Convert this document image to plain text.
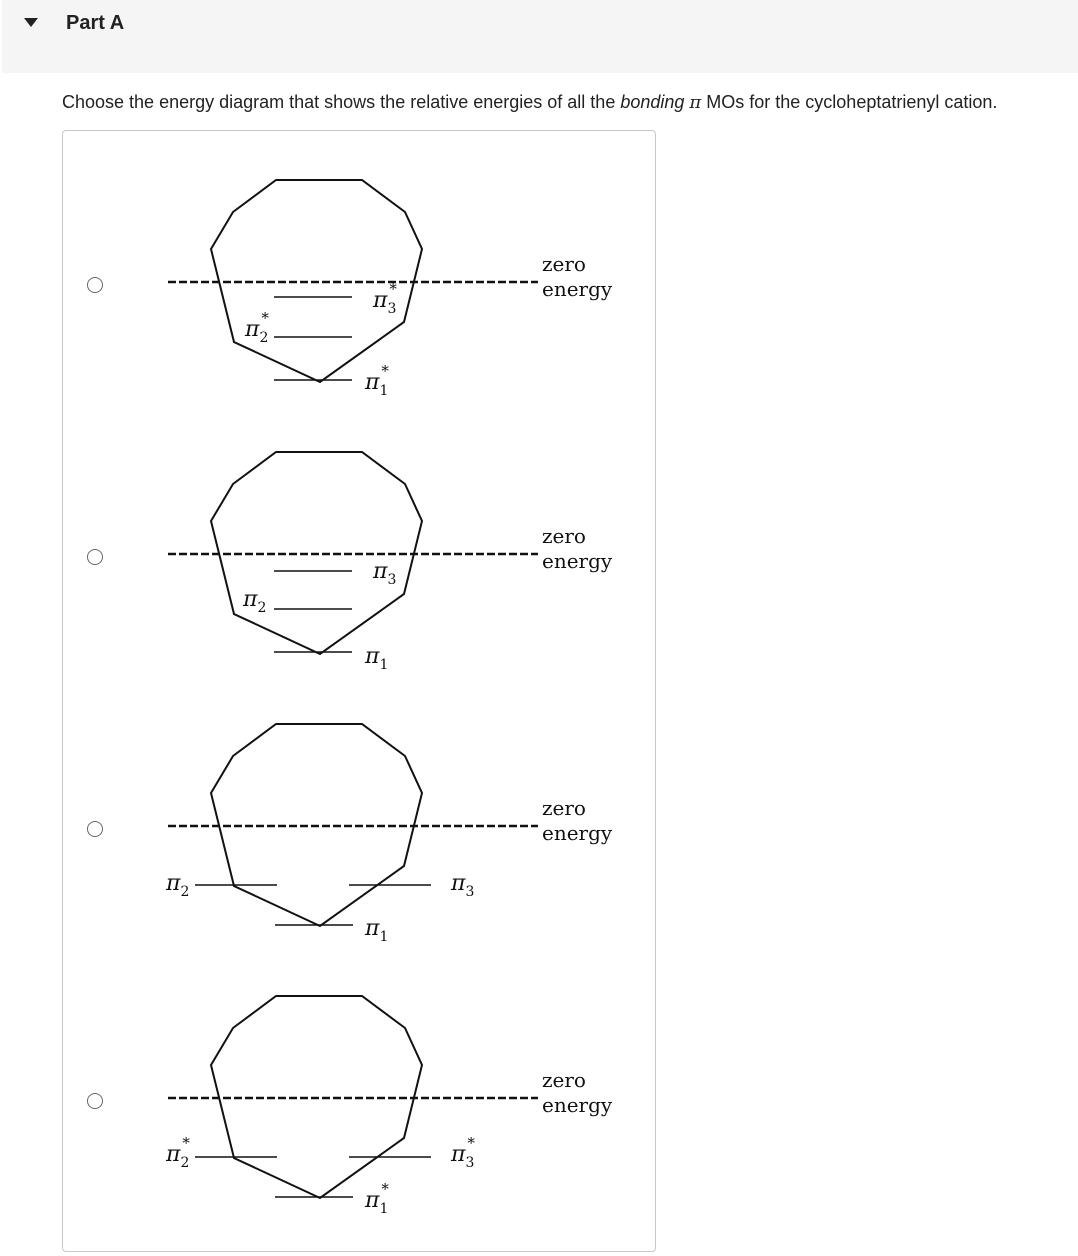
Part A
Choose the energy diagram that shows the relative energies of all the bonding π MOs for the cycloheptatrienyl cation.
$\pi_3*$
$\pi_2*$
$\pi_1*$
zero
energy
$\pi_3$
$\pi_2$
$\pi_1$
zero
energy
$\pi_2$	$\pi_3$
$\pi_1$
zero
energy
$\pi_2*$	$\pi_3*$
$\pi_1*$
zero
energy
